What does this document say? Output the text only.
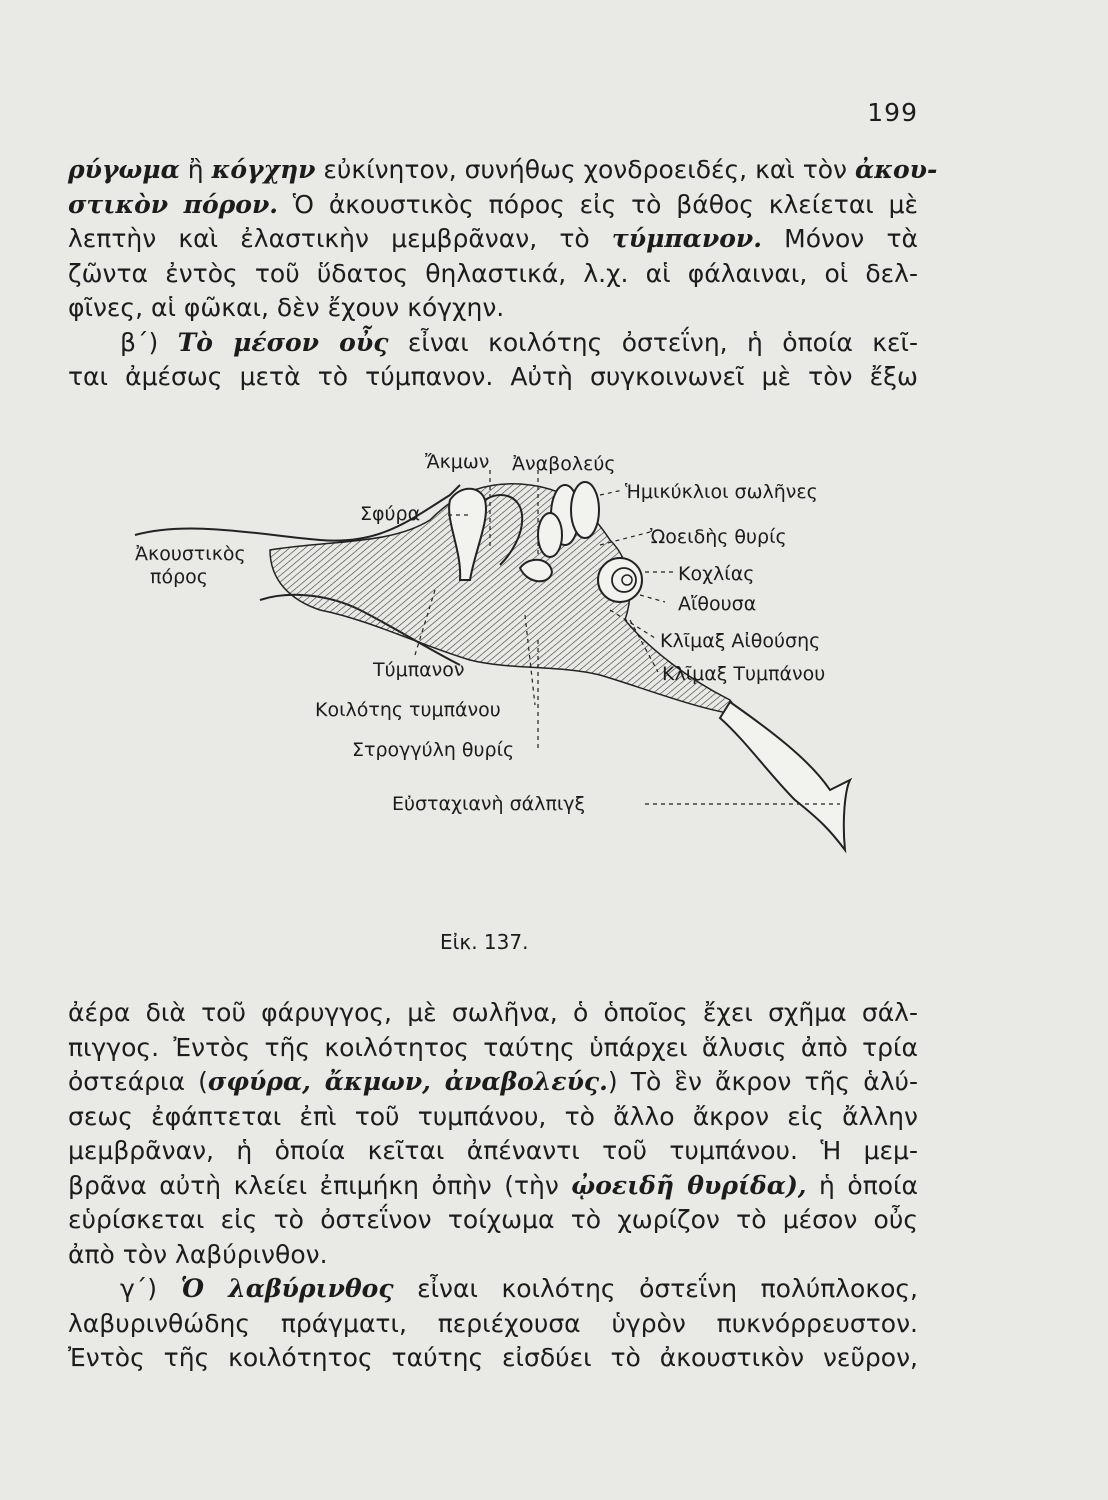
199
ρύγωμα ἢ κόγχην εὐκίνητον, συνήθως χονδροειδές, καὶ τὸν ἀκου-
στικὸν πόρον. Ὁ ἀκουστικὸς πόρος εἰς τὸ βάθος κλείεται μὲ
λεπτὴν καὶ ἐλαστικὴν μεμβρᾶναν, τὸ τύμπανον. Μόνον τὰ
ζῶντα ἐντὸς τοῦ ὕδατος θηλαστικά, λ.χ. αἱ φάλαιναι, οἱ δελ-
φῖνες, αἱ φῶκαι, δὲν ἔχουν κόγχην.
β΄) Τὸ μέσον οὖς εἶναι κοιλότης ὀστεΐνη, ἡ ὁποία κεῖ-
ται ἀμέσως μετὰ τὸ τύμπανον. Αὐτὴ συγκοινωνεῖ μὲ τὸν ἔξω
Ἄκμων Ἀναβολεύς
Σφύρα
Ἡμικύκλιοι σωλῆνες
Ἀκουστικὸς
πόρος
Ὠοειδὴς θυρίς
Κοχλίας
Αἴθουσα
Κλῖμαξ Αἰθούσης
Κλῖμαξ Τυμπάνου
Τύμπανον
Κοιλότης τυμπάνου
Στρογγύλη θυρίς
Εὐσταχιανὴ σάλπιγξ
Εἰκ. 137.
ἀέρα διὰ τοῦ φάρυγγος, μὲ σωλῆνα, ὁ ὁποῖος ἔχει σχῆμα σάλ-
πιγγος. Ἐντὸς τῆς κοιλότητος ταύτης ὑπάρχει ἅλυσις ἀπὸ τρία
ὀστεάρια (σφύρα, ἄκμων, ἀναβολεύς.) Τὸ ἓν ἄκρον τῆς ἁλύ-
σεως ἐφάπτεται ἐπὶ τοῦ τυμπάνου, τὸ ἄλλο ἄκρον εἰς ἄλλην
μεμβρᾶναν, ἡ ὁποία κεῖται ἀπέναντι τοῦ τυμπάνου. Ἡ μεμ-
βρᾶνα αὐτὴ κλείει ἐπιμήκη ὀπὴν (τὴν ᾠοειδῆ θυρίδα), ἡ ὁποία
εὑρίσκεται εἰς τὸ ὀστεΐνον τοίχωμα τὸ χωρίζον τὸ μέσον οὖς
ἀπὸ τὸν λαβύρινθον.
γ΄) Ὁ λαβύρινθος εἶναι κοιλότης ὀστεΐνη πολύπλοκος,
λαβυρινθώδης πράγματι, περιέχουσα ὑγρὸν πυκνόρρευστον.
Ἐντὸς τῆς κοιλότητος ταύτης εἰσδύει τὸ ἀκουστικὸν νεῦρον,
